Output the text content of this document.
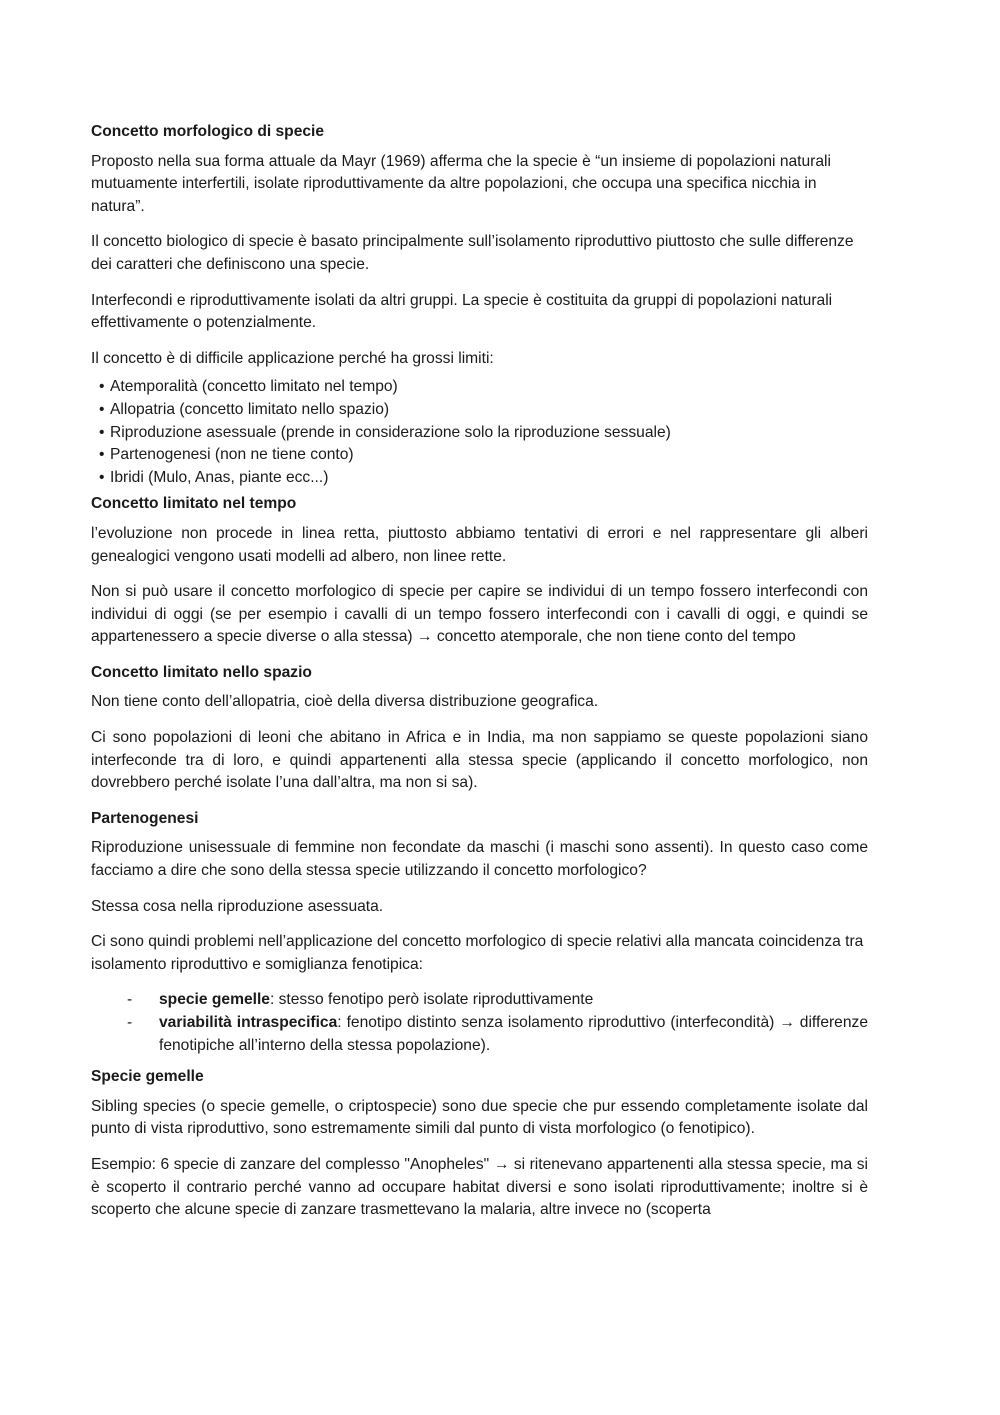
Concetto morfologico di specie

Proposto nella sua forma attuale da Mayr (1969) afferma che la specie è “un insieme di popolazioni naturali mutuamente interfertili, isolate riproduttivamente da altre popolazioni, che occupa una specifica nicchia in natura”.

Il concetto biologico di specie è basato principalmente sull’isolamento riproduttivo piuttosto che sulle differenze dei caratteri che definiscono una specie.

Interfecondi e riproduttivamente isolati da altri gruppi. La specie è costituita da gruppi di popolazioni naturali effettivamente o potenzialmente.

Il concetto è di difficile applicazione perché ha grossi limiti:

• Atemporalità (concetto limitato nel tempo)
• Allopatria (concetto limitato nello spazio)
• Riproduzione asessuale (prende in considerazione solo la riproduzione sessuale)
• Partenogenesi (non ne tiene conto)
• Ibridi (Mulo, Anas, piante ecc...)
Concetto limitato nel tempo

l’evoluzione non procede in linea retta, piuttosto abbiamo tentativi di errori e nel rappresentare gli alberi genealogici vengono usati modelli ad albero, non linee rette.

Non si può usare il concetto morfologico di specie per capire se individui di un tempo fossero interfecondi con individui di oggi (se per esempio i cavalli di un tempo fossero interfecondi con i cavalli di oggi, e quindi se appartenessero a specie diverse o alla stessa) → concetto atemporale, che non tiene conto del tempo

Concetto limitato nello spazio

Non tiene conto dell’allopatria, cioè della diversa distribuzione geografica.

Ci sono popolazioni di leoni che abitano in Africa e in India, ma non sappiamo se queste popolazioni siano interfeconde tra di loro, e quindi appartenenti alla stessa specie (applicando il concetto morfologico, non dovrebbero perché isolate l’una dall’altra, ma non si sa).

Partenogenesi

Riproduzione unisessuale di femmine non fecondate da maschi (i maschi sono assenti). In questo caso come facciamo a dire che sono della stessa specie utilizzando il concetto morfologico?

Stessa cosa nella riproduzione asessuata.

Ci sono quindi problemi nell’applicazione del concetto morfologico di specie relativi alla mancata coincidenza tra isolamento riproduttivo e somiglianza fenotipica:

- specie gemelle: stesso fenotipo però isolate riproduttivamente
- variabilità intraspecifica: fenotipo distinto senza isolamento riproduttivo (interfecondità) → differenze fenotipiche all’interno della stessa popolazione).
Specie gemelle

Sibling species (o specie gemelle, o criptospecie) sono due specie che pur essendo completamente isolate dal punto di vista riproduttivo, sono estremamente simili dal punto di vista morfologico (o fenotipico).

Esempio: 6 specie di zanzare del complesso "Anopheles" → si ritenevano appartenenti alla stessa specie, ma si è scoperto il contrario perché vanno ad occupare habitat diversi e sono isolati riproduttivamente; inoltre si è scoperto che alcune specie di zanzare trasmettevano la malaria, altre invece no (scoperta
